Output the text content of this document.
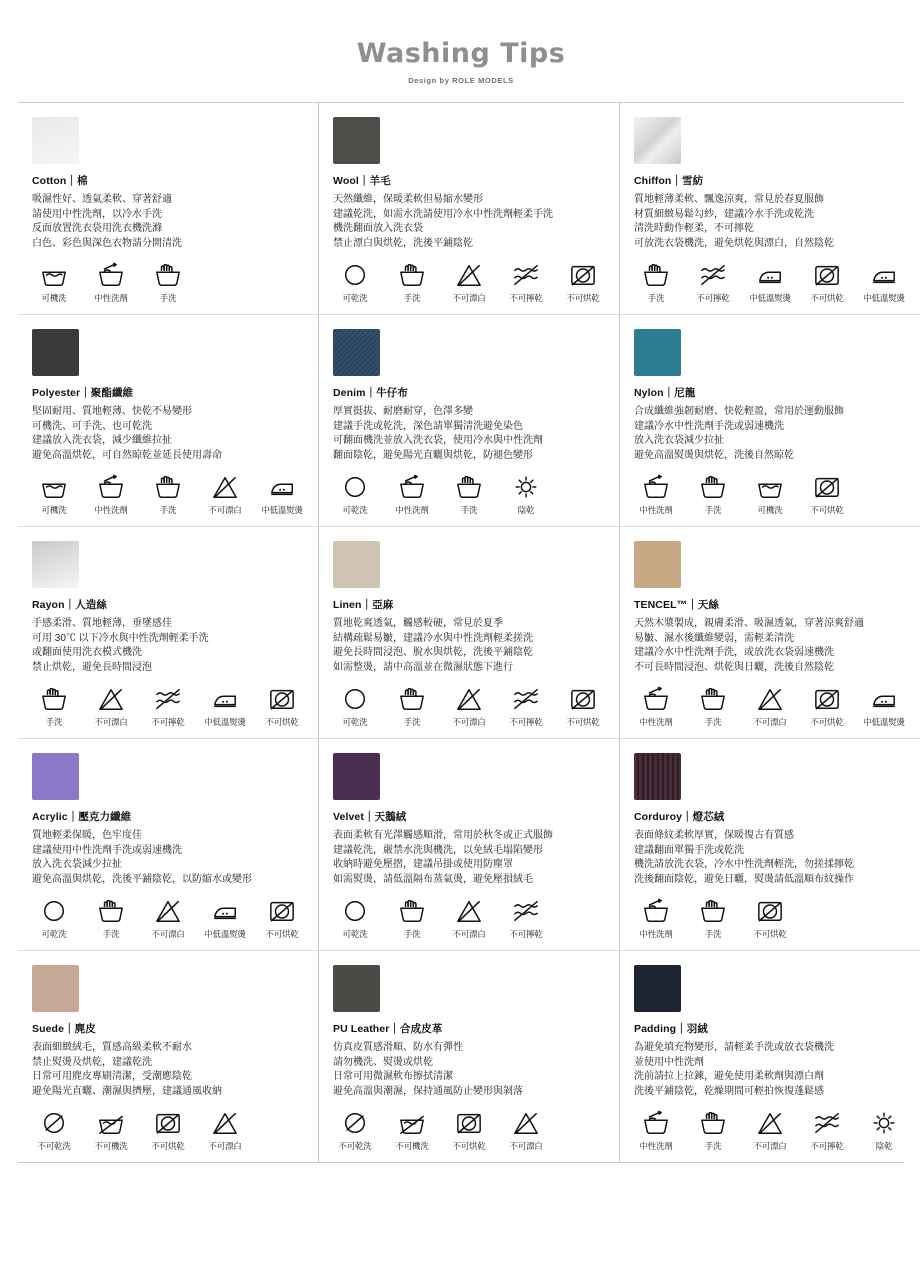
Washing Tips
Design by ROLE MODELS
Cotton｜棉
吸濕性好、透氣柔軟、穿著舒適
請使用中性洗劑，以冷水手洗
反面放置洗衣袋用洗衣機洗滌
白色、彩色與深色衣物請分開清洗
可機洗	中性洗劑	手洗
Polyester｜聚酯纖維
堅固耐用、質地輕薄、快乾不易變形
可機洗、可手洗、也可乾洗
建議放入洗衣袋，減少纖維拉扯
避免高溫烘乾，可自然晾乾並延長使用壽命
可機洗	中性洗劑	手洗	不可漂白	中低溫熨燙
Rayon｜人造絲
手感柔滑、質地輕薄，垂墜感佳
可用 30℃ 以下冷水與中性洗劑輕柔手洗
或翻面使用洗衣模式機洗
禁止烘乾，避免長時間浸泡
手洗	不可漂白	不可擰乾	中低溫熨燙	不可烘乾
Acrylic｜壓克力纖維
質地輕柔保暖，色牢度佳
建議使用中性洗劑手洗或弱速機洗
放入洗衣袋減少拉扯
避免高溫與烘乾，洗後平鋪陰乾，以防縮水或變形
可乾洗	手洗	不可漂白	中低溫熨燙	不可烘乾
Suede｜麂皮
表面細緻絨毛，質感高級柔軟不耐水
禁止熨燙及烘乾，建議乾洗
日常可用麂皮專刷清潔，受潮應陰乾
避免陽光直曬、潮濕與擠壓，建議通風收納
不可乾洗	不可機洗	不可烘乾	不可漂白
Wool｜羊毛
天然纖維，保暖柔軟但易縮水變形
建議乾洗，如需水洗請使用冷水中性洗劑輕柔手洗
機洗翻面放入洗衣袋
禁止漂白與烘乾，洗後平鋪陰乾
可乾洗	手洗	不可漂白	不可擰乾	不可烘乾
Denim｜牛仔布
厚實挺拔、耐磨耐穿，色澤多變
建議手洗或乾洗，深色請單獨清洗避免染色
可翻面機洗並放入洗衣袋，使用冷水與中性洗劑
翻面陰乾，避免陽光直曬與烘乾，防褪色變形
可乾洗	中性洗劑	手洗	陰乾
Linen｜亞麻
質地乾爽透氣，觸感較硬，常見於夏季
結構疏鬆易皺，建議冷水與中性洗劑輕柔搓洗
避免長時間浸泡、脫水與烘乾，洗後平鋪陰乾
如需整燙，請中高溫並在微濕狀態下進行
可乾洗	手洗	不可漂白	不可擰乾	不可烘乾
Velvet｜天鵝絨
表面柔軟有光澤觸感順滑，常用於秋冬或正式服飾
建議乾洗，嚴禁水洗與機洗，以免絨毛塌陷變形
收納時避免壓摺，建議吊掛或使用防塵罩
如需熨燙，請低溫隔布蒸氣燙，避免壓損絨毛
可乾洗	手洗	不可漂白	不可擰乾
PU Leather｜合成皮革
仿真皮質感滑順、防水有彈性
請勿機洗、熨燙或烘乾
日常可用微濕軟布擦拭清潔
避免高溫與潮濕，保持通風防止變形與剝落
不可乾洗	不可機洗	不可烘乾	不可漂白
Chiffon｜雪紡
質地輕薄柔軟、飄逸涼爽，常見於春夏服飾
材質細緻易鬆勾紗，建議冷水手洗或乾洗
清洗時動作輕柔，不可擰乾
可放洗衣袋機洗，避免烘乾與漂白，自然陰乾
手洗	不可擰乾	中低溫熨燙	不可烘乾	中低溫熨燙
Nylon｜尼龍
合成纖維強韌耐磨、快乾輕盈，常用於運動服飾
建議冷水中性洗劑手洗或弱速機洗
放入洗衣袋減少拉扯
避免高溫熨燙與烘乾，洗後自然晾乾
中性洗劑	手洗	可機洗	不可烘乾
TENCEL™｜天絲
天然木漿製成，親膚柔滑、吸濕透氣，穿著涼爽舒適
易皺、濕水後纖維變弱，需輕柔清洗
建議冷水中性洗劑手洗，或放洗衣袋弱速機洗
不可長時間浸泡、烘乾與日曬，洗後自然陰乾
中性洗劑	手洗	不可漂白	不可烘乾	中低溫熨燙
Corduroy｜燈芯絨
表面條紋柔軟厚實，保暖復古有質感
建議翻面單獨手洗或乾洗
機洗請放洗衣袋，冷水中性洗劑輕洗，勿搓揉擰乾
洗後翻面陰乾，避免日曬，熨燙請低溫順布紋操作
中性洗劑	手洗	不可烘乾
Padding｜羽絨
為避免填充物變形，請輕柔手洗或放衣袋機洗
並使用中性洗劑
洗前請拉上拉鍊，避免使用柔軟劑與漂白劑
洗後平鋪陰乾，乾燥期間可輕拍恢復蓬鬆感
中性洗劑	手洗	不可漂白	不可擰乾	陰乾
